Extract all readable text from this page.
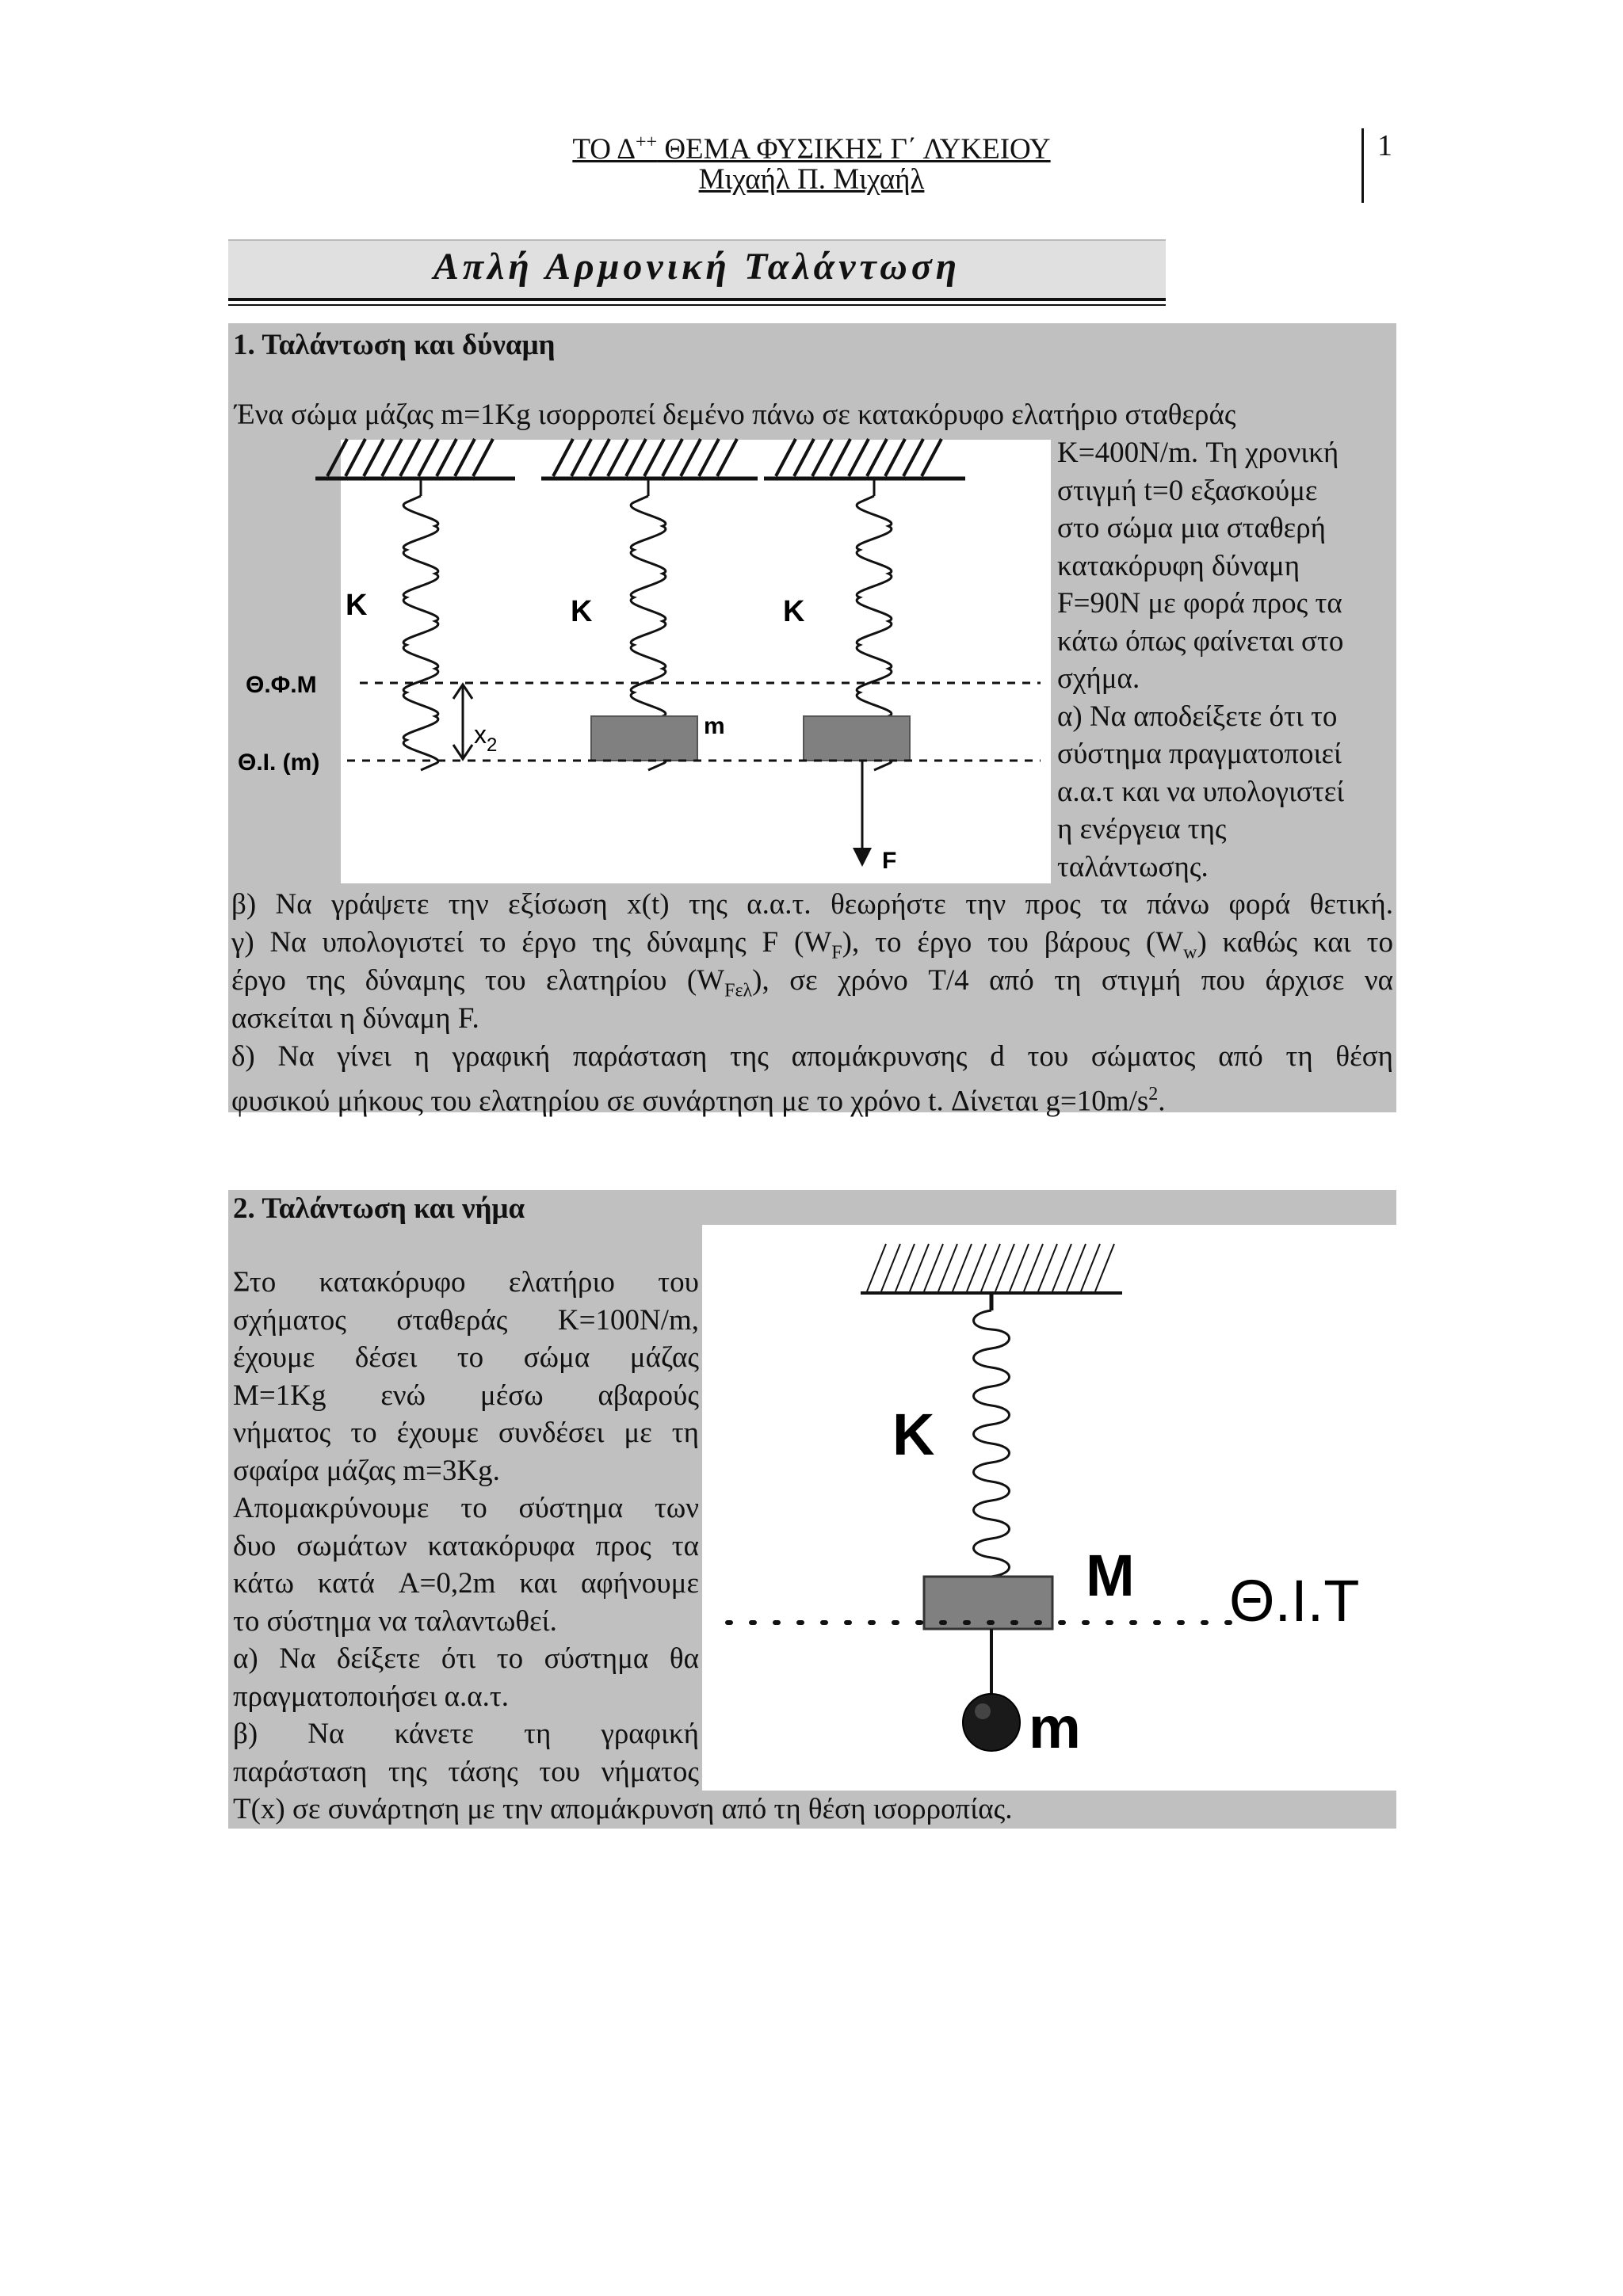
ΤΟ Δ++ ΘΕΜΑ ΦΥΣΙΚΗΣ Γ΄ ΛΥΚΕΙΟΥ
Μιχαήλ Π. Μιχαήλ
1
Απλή Αρμονική Ταλάντωση
1. Ταλάντωση και δύναμη
Ένα σώμα μάζας m=1Kg ισορροπεί δεμένο πάνω σε κατακόρυφο ελατήριο σταθεράς
K=400N/m. Τη χρονική
στιγμή t=0 εξασκούμε
στο σώμα μια σταθερή
κατακόρυφη δύναμη
F=90N με φορά προς τα
κάτω όπως φαίνεται στο
σχήμα.
α) Να αποδείξετε ότι το
σύστημα πραγματοποιεί
α.α.τ και να υπολογιστεί
η ενέργεια της
ταλάντωσης.
β) Να γράψετε την εξίσωση x(t) της α.α.τ. θεωρήστε την προς τα πάνω φορά θετική.
γ) Να υπολογιστεί το έργο της δύναμης F $(W_F)$, το έργο του βάρους $(W_w)$ καθώς και το
έργο της δύναμης του ελατηρίου $(W_{F\varepsilon\lambda})$, σε χρόνο T/4 από τη στιγμή που άρχισε να
ασκείται η δύναμη F.
δ) Να γίνει η γραφική παράσταση της απομάκρυνσης d του σώματος από τη θέση
φυσικού μήκους του ελατηρίου σε συνάρτηση με το χρόνο t. Δίνεται $g=10m/s^2$.
K	K	K
Θ.Φ.Μ
Θ.Ι. (m)
$x_2$
m
F
2. Ταλάντωση και νήμα
Στο κατακόρυφο ελατήριο του
σχήματος σταθεράς K=100N/m,
έχουμε δέσει το σώμα μάζας
M=1Kg ενώ μέσω αβαρούς
νήματος το έχουμε συνδέσει με τη
σφαίρα μάζας m=3Kg.
Απομακρύνουμε το σύστημα των
δυο σωμάτων κατακόρυφα προς τα
κάτω κατά A=0,2m και αφήνουμε
το σύστημα να ταλαντωθεί.
α) Να δείξετε ότι το σύστημα θα
πραγματοποιήσει α.α.τ.
β) Να κάνετε τη γραφική
παράσταση της τάσης του νήματος
T(x) σε συνάρτηση με την απομάκρυνση από τη θέση ισορροπίας.
K
M Θ.Ι.Τ
m
